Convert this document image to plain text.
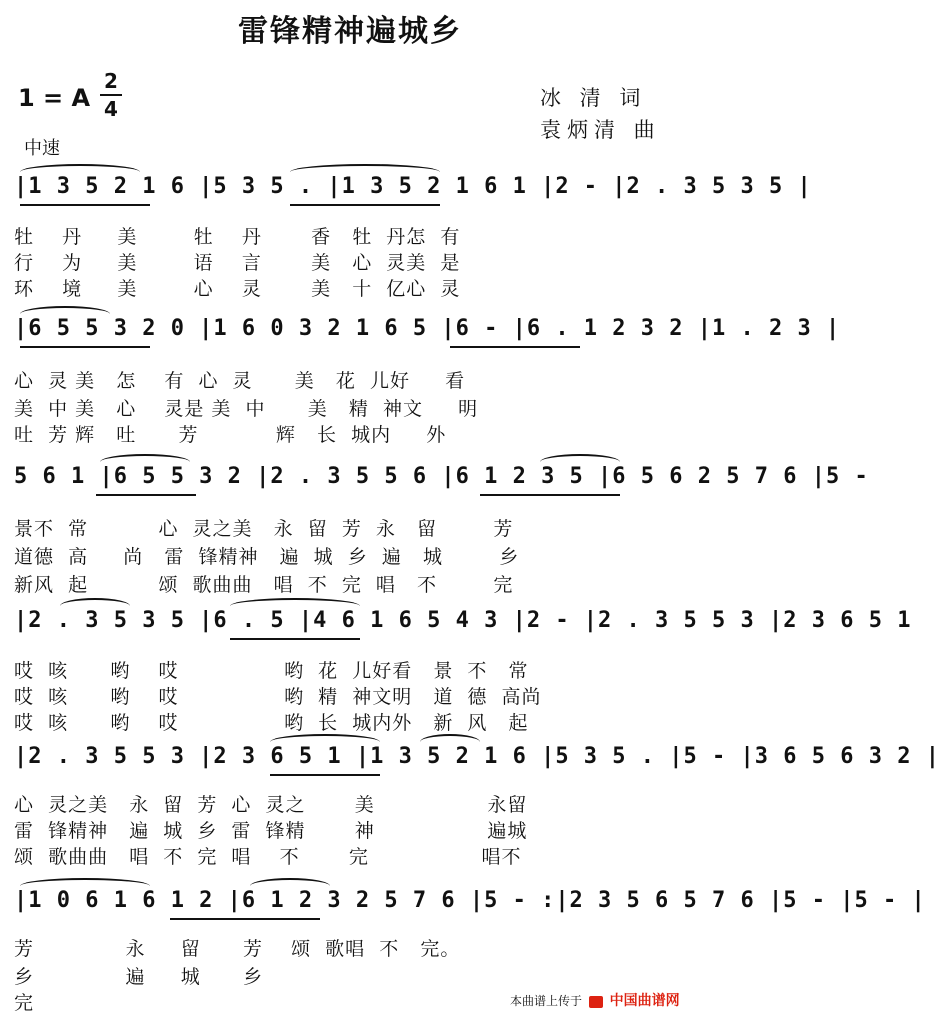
雷锋精神遍城乡
1 = A
2
4	冰 清 词
袁炳清 曲
中速
|1 3 5 2 1 6 |5 3 5 . |1 3 5 2 1 6 1 |2 - |2 . 3 5 3 5 |
牡    丹     美        牡    丹       香   牡  丹怎  有
行    为     美        语    言       美   心  灵美  是
环    境     美        心    灵       美   十  亿心  灵
|6 5 5 3 2 0 |1 6 0 3 2 1 6 5 |6 - |6 . 1 2 3 2 |1 . 2 3 |
心  灵 美   怎    有  心  灵      美   花  儿好     看
美  中 美   心    灵是 美  中      美   精  神文     明
吐  芳 辉   吐      芳           辉   长  城内     外
5 6 1 |6 5 5 3 2 |2 . 3 5 5 6 |6 1 2 3 5 |6 5 6 2 5 7 6 |5 -
景不  常          心  灵之美   永  留  芳  永   留        芳
道德  高     尚   雷  锋精神   遍  城  乡  遍   城        乡
新风  起          颂  歌曲曲   唱  不  完  唱   不        完
|2 . 3 5 3 5 |6 . 5 |4 6 1 6 5 4 3 |2 - |2 . 3 5 5 3 |2 3 6 5 1
哎  咳      哟    哎               哟  花  儿好看   景  不   常
哎  咳      哟    哎               哟  精  神文明   道  德  高尚
哎  咳      哟    哎               哟  长  城内外   新  风   起
|2 . 3 5 5 3 |2 3 6 5 1 |1 3 5 2 1 6 |5 3 5 . |5 - |3 6 5 6 3 2 |
心  灵之美   永  留  芳  心  灵之       美                永留
雷  锋精神   遍  城  乡  雷  锋精       神                遍城
颂  歌曲曲   唱  不  完  唱    不       完                唱不
|1 0 6 1 6 1 2 |6 1 2 3 2 5 7 6 |5 - :|2 3 5 6 5 7 6 |5 - |5 - |
芳             永     留      芳    颂  歌唱  不   完。
乡             遍     城      乡
完	本曲谱上传于 中国曲谱网
